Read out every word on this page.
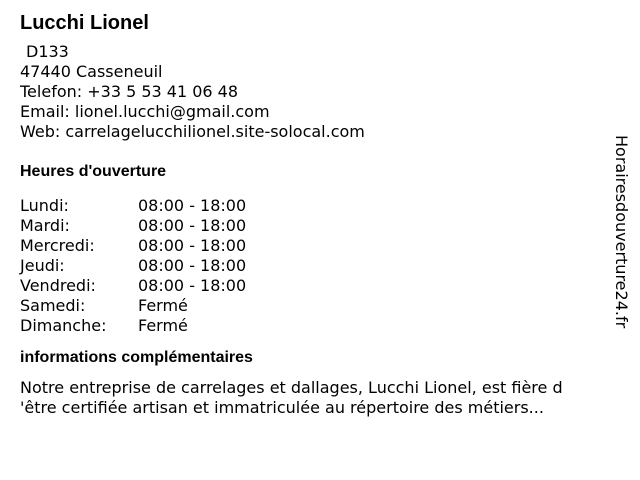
Lucchi Lionel
D133
47440 Casseneuil
Telefon: +33 5 53 41 06 48
Email: lionel.lucchi@gmail.com
Web: carrelagelucchilionel.site-solocal.com
Heures d'ouverture
Lundi:	08:00 - 18:00
Mardi:	08:00 - 18:00
Mercredi:	08:00 - 18:00
Jeudi:	08:00 - 18:00
Vendredi:	08:00 - 18:00
Samedi:	Fermé
Dimanche: Fermé
informations complémentaires
Notre entreprise de carrelages et dallages, Lucchi Lionel, est fière d
'être certifiée artisan et immatriculée au répertoire des métiers...
Horairesdouverture24.fr
